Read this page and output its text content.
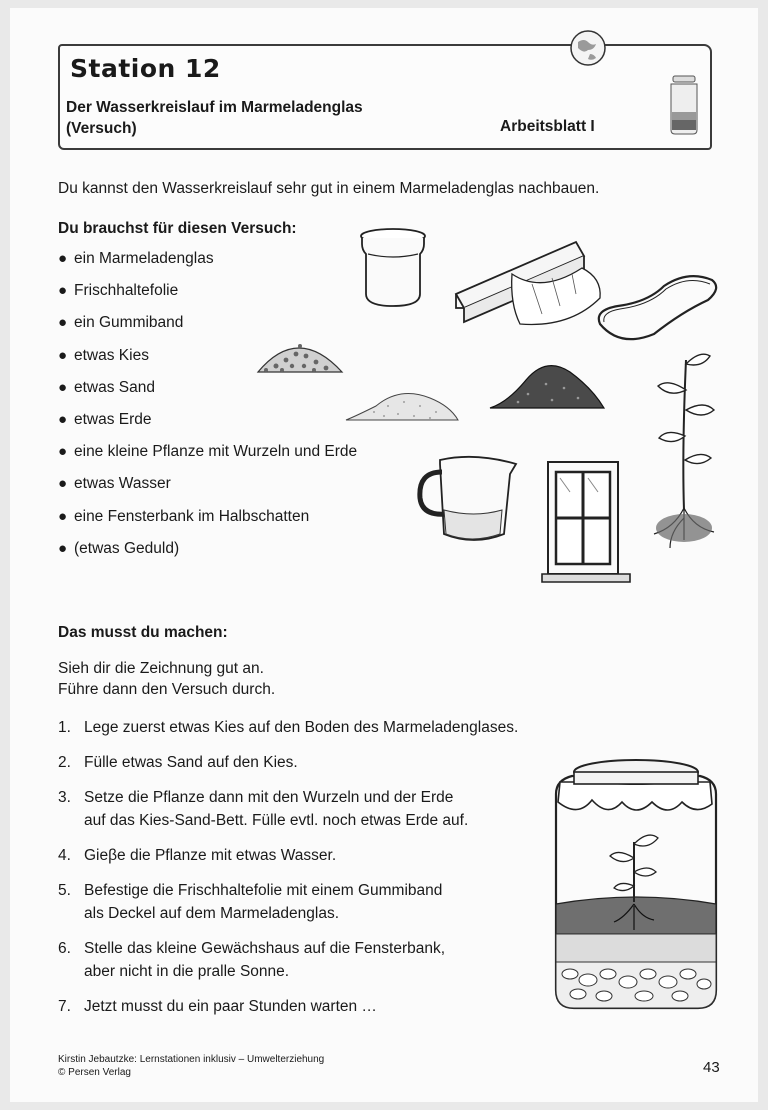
Station 12
Der Wasserkreislauf im Marmeladenglas
(Versuch)	Arbeitsblatt I
Du kannst den Wasserkreislauf sehr gut in einem Marmeladenglas nachbauen.
Du brauchst für diesen Versuch:
● ein Marmeladenglas
● Frischhaltefolie
● ein Gummiband
● etwas Kies
● etwas Sand
● etwas Erde
● eine kleine Pflanze mit Wurzeln und Erde
● etwas Wasser
● eine Fensterbank im Halbschatten
● (etwas Geduld)
Das musst du machen:
Sieh dir die Zeichnung gut an.
Führe dann den Versuch durch.
1. Lege zuerst etwas Kies auf den Boden des Marmeladenglases.
2. Fülle etwas Sand auf den Kies.
3. Setze die Pflanze dann mit den Wurzeln und der Erde
auf das Kies-Sand-Bett. Fülle evtl. noch etwas Erde auf.
4. Gieβe die Pflanze mit etwas Wasser.
5. Befestige die Frischhaltefolie mit einem Gummiband
als Deckel auf dem Marmeladenglas.
6. Stelle das kleine Gewächshaus auf die Fensterbank,
aber nicht in die pralle Sonne.
7. Jetzt musst du ein paar Stunden warten …
Kirstin Jebautzke: Lernstationen inklusiv – Umwelterziehung
© Persen Verlag	43
